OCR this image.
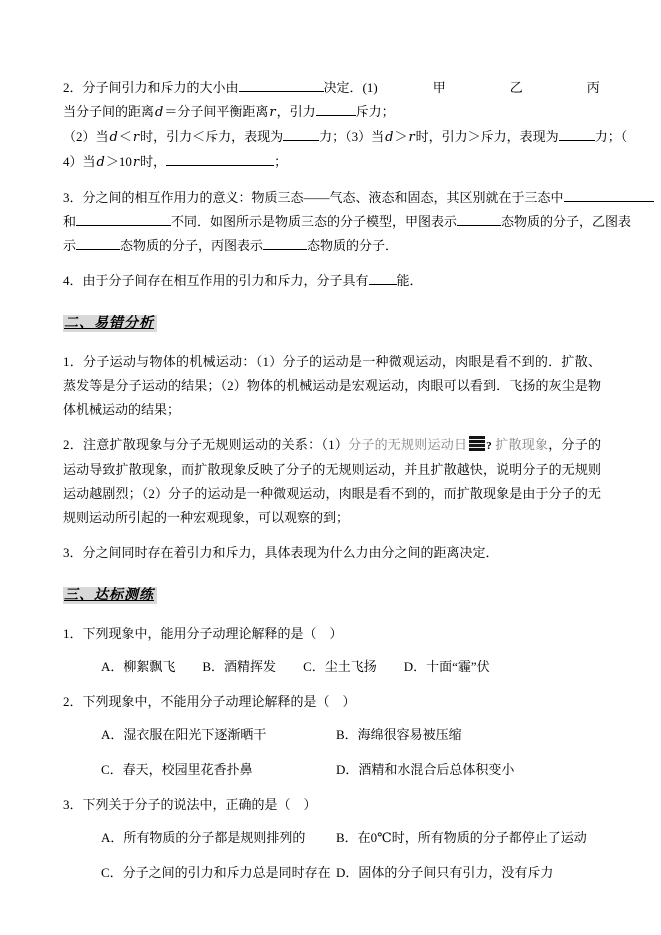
2．分子间引力和斥力的大小由	决定．(1)	甲	乙	丙
当分子间的距离d＝分子间平衡距离r，引力	斥力；
（2）当d＜r时，引力＜斥力，表现为	力；（3）当d＞r时，引力＞斥力，表现为	力；（
4）当d＞10r时，	；
3．分之间的相互作用力的意义：物质三态——气态、液态和固态，其区别就在于三态中
和	不同．如图所示是物质三态的分子模型，甲图表示	态物质的分子，乙图表
示	态物质的分子，丙图表示	态物质的分子．
4．由于分子间存在相互作用的引力和斥力，分子具有 能．
二、易错分析
1．分子运动与物体的机械运动：（1）分子的运动是一种微观运动，肉眼是看不到的．扩散、蒸发等是分子运动的结果；（2）物体的机械运动是宏观运动，肉眼可以看到．飞扬的灰尘是物体机械运动的结果；
2．注意扩散现象与分子无规则运动的关系：（1）分子的无规则运动日 ? 扩散现象，分子的运动导致扩散现象，而扩散现象反映了分子的无规则运动，并且扩散越快，说明分子的无规则运动越剧烈；（2）分子的运动是一种微观运动，肉眼是看不到的，而扩散现象是由于分子的无规则运动所引起的一种宏观现象，可以观察的到；
3．分之间同时存在着引力和斥力，具体表现为什么力由分之间的距离决定．
三、达标测练
1．下列现象中，能用分子动理论解释的是（　）
A．柳絮飘飞 B．酒精挥发 C．尘土飞扬 D．十面“霾”伏
2．下列现象中，不能用分子动理论解释的是（　）
A．湿衣服在阳光下逐渐晒干	B．海绵很容易被压缩
C．春天，校园里花香扑鼻	D．酒精和水混合后总体积变小
3．下列关于分子的说法中，正确的是（　）
A．所有物质的分子都是规则排列的	B．在0℃时，所有物质的分子都停止了运动
C．分子之间的引力和斥力总是同时存在 D．固体的分子间只有引力，没有斥力
